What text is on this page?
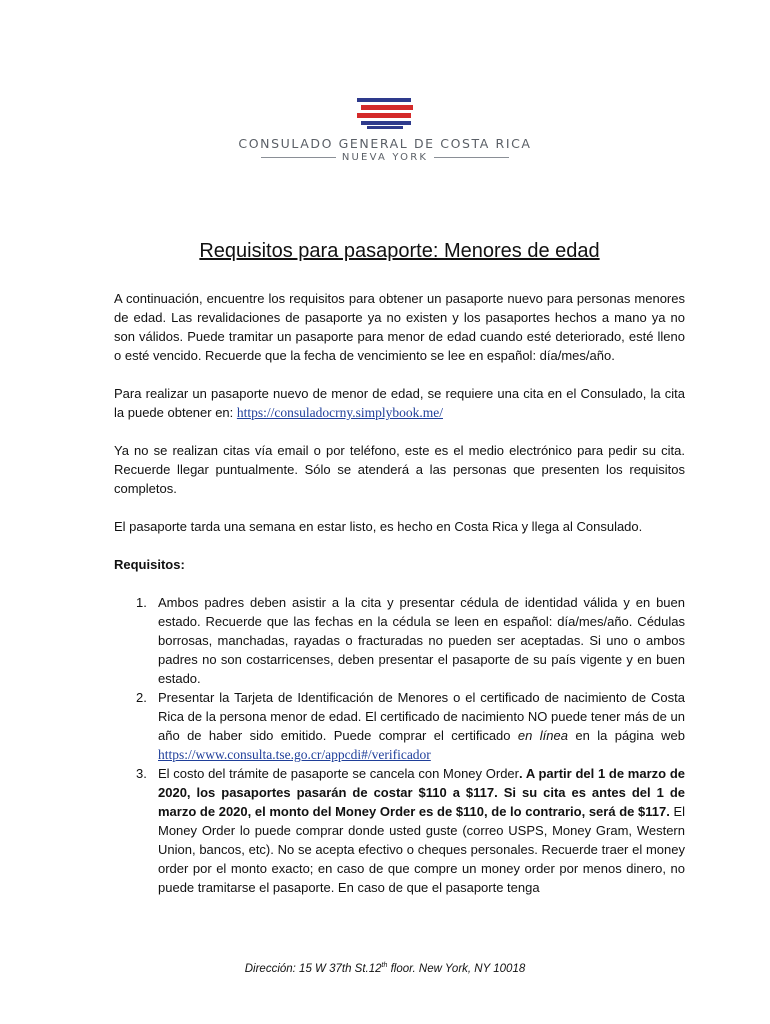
CONSULADO GENERAL DE COSTA RICA
NUEVA YORK
Requisitos para pasaporte: Menores de edad

A continuación, encuentre los requisitos para obtener un pasaporte nuevo para personas menores de edad. Las revalidaciones de pasaporte ya no existen y los pasaportes hechos a mano ya no son válidos. Puede tramitar un pasaporte para menor de edad cuando esté deteriorado, esté lleno o esté vencido. Recuerde que la fecha de vencimiento se lee en español: día/mes/año.

Para realizar un pasaporte nuevo de menor de edad, se requiere una cita en el Consulado, la cita la puede obtener en: https://consuladocrny.simplybook.me/

Ya no se realizan citas vía email o por teléfono, este es el medio electrónico para pedir su cita. Recuerde llegar puntualmente. Sólo se atenderá a las personas que presenten los requisitos completos.

El pasaporte tarda una semana en estar listo, es hecho en Costa Rica y llega al Consulado.

Requisitos:

1. Ambos padres deben asistir a la cita y presentar cédula de identidad válida y en buen estado. Recuerde que las fechas en la cédula se leen en español: día/mes/año. Cédulas borrosas, manchadas, rayadas o fracturadas no pueden ser aceptadas. Si uno o ambos padres no son costarricenses, deben presentar el pasaporte de su país vigente y en buen estado.
2. Presentar la Tarjeta de Identificación de Menores o el certificado de nacimiento de Costa Rica de la persona menor de edad. El certificado de nacimiento NO puede tener más de un año de haber sido emitido. Puede comprar el certificado en línea en la página web https://www.consulta.tse.go.cr/appcdi#/verificador
3. El costo del trámite de pasaporte se cancela con Money Order. A partir del 1 de marzo de 2020, los pasaportes pasarán de costar $110 a $117. Si su cita es antes del 1 de marzo de 2020, el monto del Money Order es de $110, de lo contrario, será de $117. El Money Order lo puede comprar donde usted guste (correo USPS, Money Gram, Western Union, bancos, etc). No se acepta efectivo o cheques personales. Recuerde traer el money order por el monto exacto; en caso de que compre un money order por menos dinero, no puede tramitarse el pasaporte. En caso de que el pasaporte tenga
Dirección: 15 W 37th St.12th floor. New York, NY 10018
